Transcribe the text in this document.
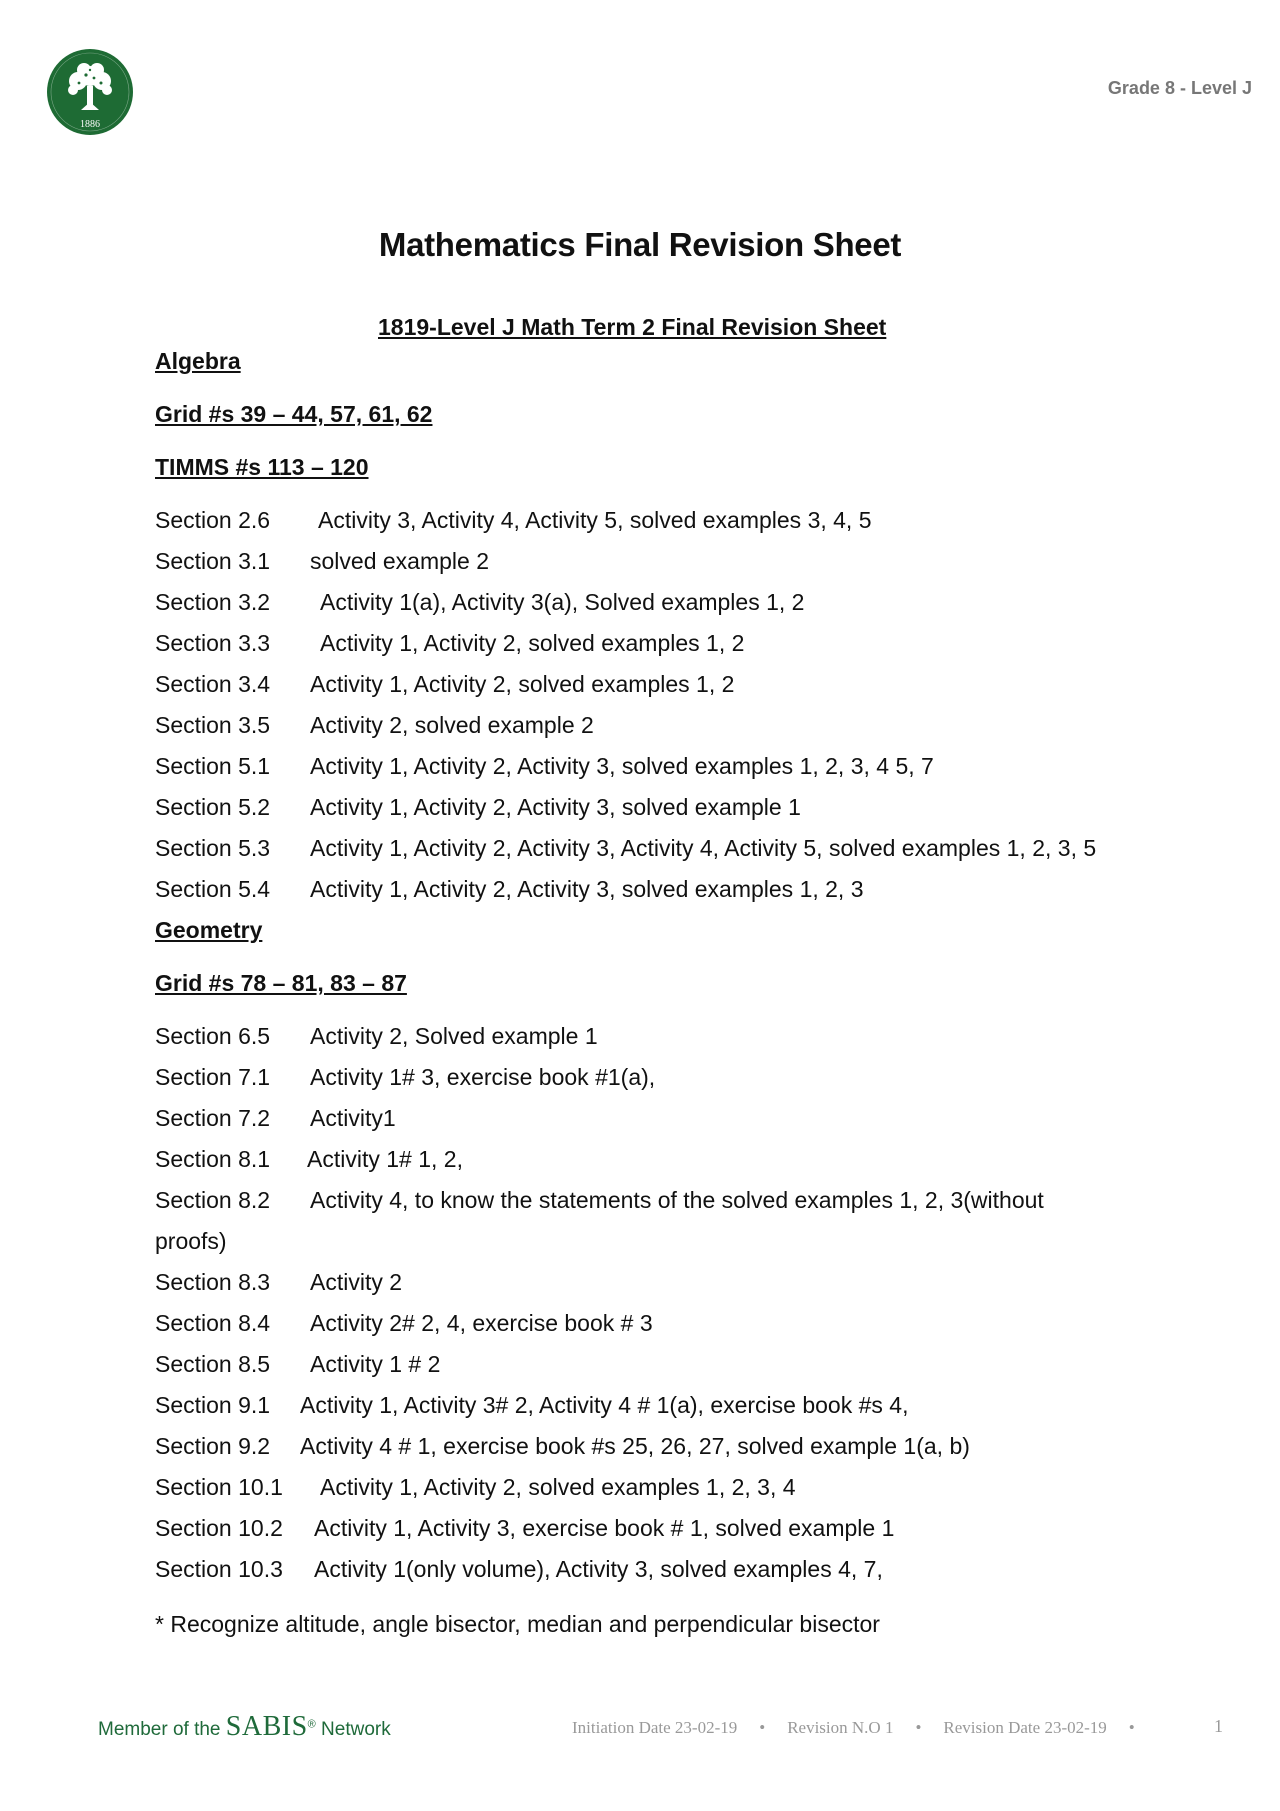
1886
Grade 8 - Level J
Mathematics Final Revision Sheet
1819-Level J Math Term 2 Final Revision Sheet
Algebra
Grid #s 39 – 44, 57, 61, 62
TIMMS #s 113 – 120
Section 2.6	Activity 3, Activity 4, Activity 5, solved examples 3, 4, 5
Section 3.1	solved example 2
Section 3.2	Activity 1(a), Activity 3(a), Solved examples 1, 2
Section 3.3	Activity 1, Activity 2, solved examples 1, 2
Section 3.4	Activity 1, Activity 2, solved examples 1, 2
Section 3.5	Activity 2, solved example 2
Section 5.1	Activity 1, Activity 2, Activity 3, solved examples 1, 2, 3, 4 5, 7
Section 5.2	Activity 1, Activity 2, Activity 3, solved example 1
Section 5.3	Activity 1, Activity 2, Activity 3, Activity 4, Activity 5, solved examples 1, 2, 3, 5
Section 5.4	Activity 1, Activity 2, Activity 3, solved examples 1, 2, 3
Geometry
Grid #s 78 – 81, 83 – 87
Section 6.5	Activity 2, Solved example 1
Section 7.1	Activity 1# 3, exercise book #1(a),
Section 7.2	Activity1
Section 8.1	Activity 1# 1, 2,
Section 8.2 Activity 4, to know the statements of the solved examples 1, 2, 3(without proofs)
Section 8.3	Activity 2
Section 8.4	Activity 2# 2, 4, exercise book # 3
Section 8.5	Activity 1 # 2
Section 9.1	Activity 1, Activity 3# 2, Activity 4 # 1(a), exercise book #s 4,
Section 9.2	Activity 4 # 1, exercise book #s 25, 26, 27, solved example 1(a, b)
Section 10.1	Activity 1, Activity 2, solved examples 1, 2, 3, 4
Section 10.2	Activity 1, Activity 3, exercise book # 1, solved example 1
Section 10.3	Activity 1(only volume), Activity 3, solved examples 4, 7,
* Recognize altitude, angle bisector, median and perpendicular bisector
Member of the SABIS® Network	Initiation Date 23-02-19 • Revision N.O 1 • Revision Date 23-02-19 •	1
